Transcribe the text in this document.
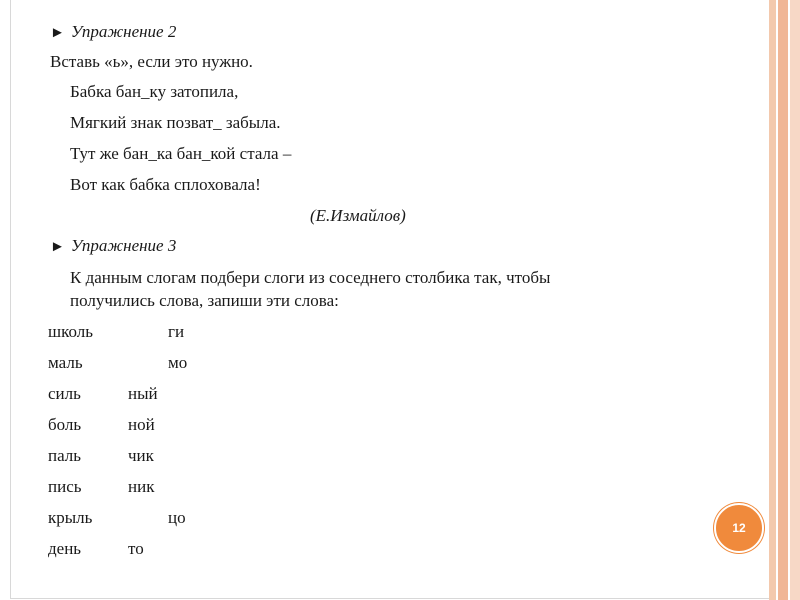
► Упражнение 2
Вставь «ь», если это нужно.
Бабка бан_ку затопила,
Мягкий знак позват_ забыла.
Тут же бан_ка бан_кой стала –
Вот как бабка сплоховала!
(Е.Измайлов)
► Упражнение 3
К данным слогам подбери слоги из соседнего столбика так, чтобы
получились слова, запиши эти слова:
школь	ги
маль	мо
силь	ный
боль	ной
паль	чик
пись	ник
крыль	цо
день	то
12
